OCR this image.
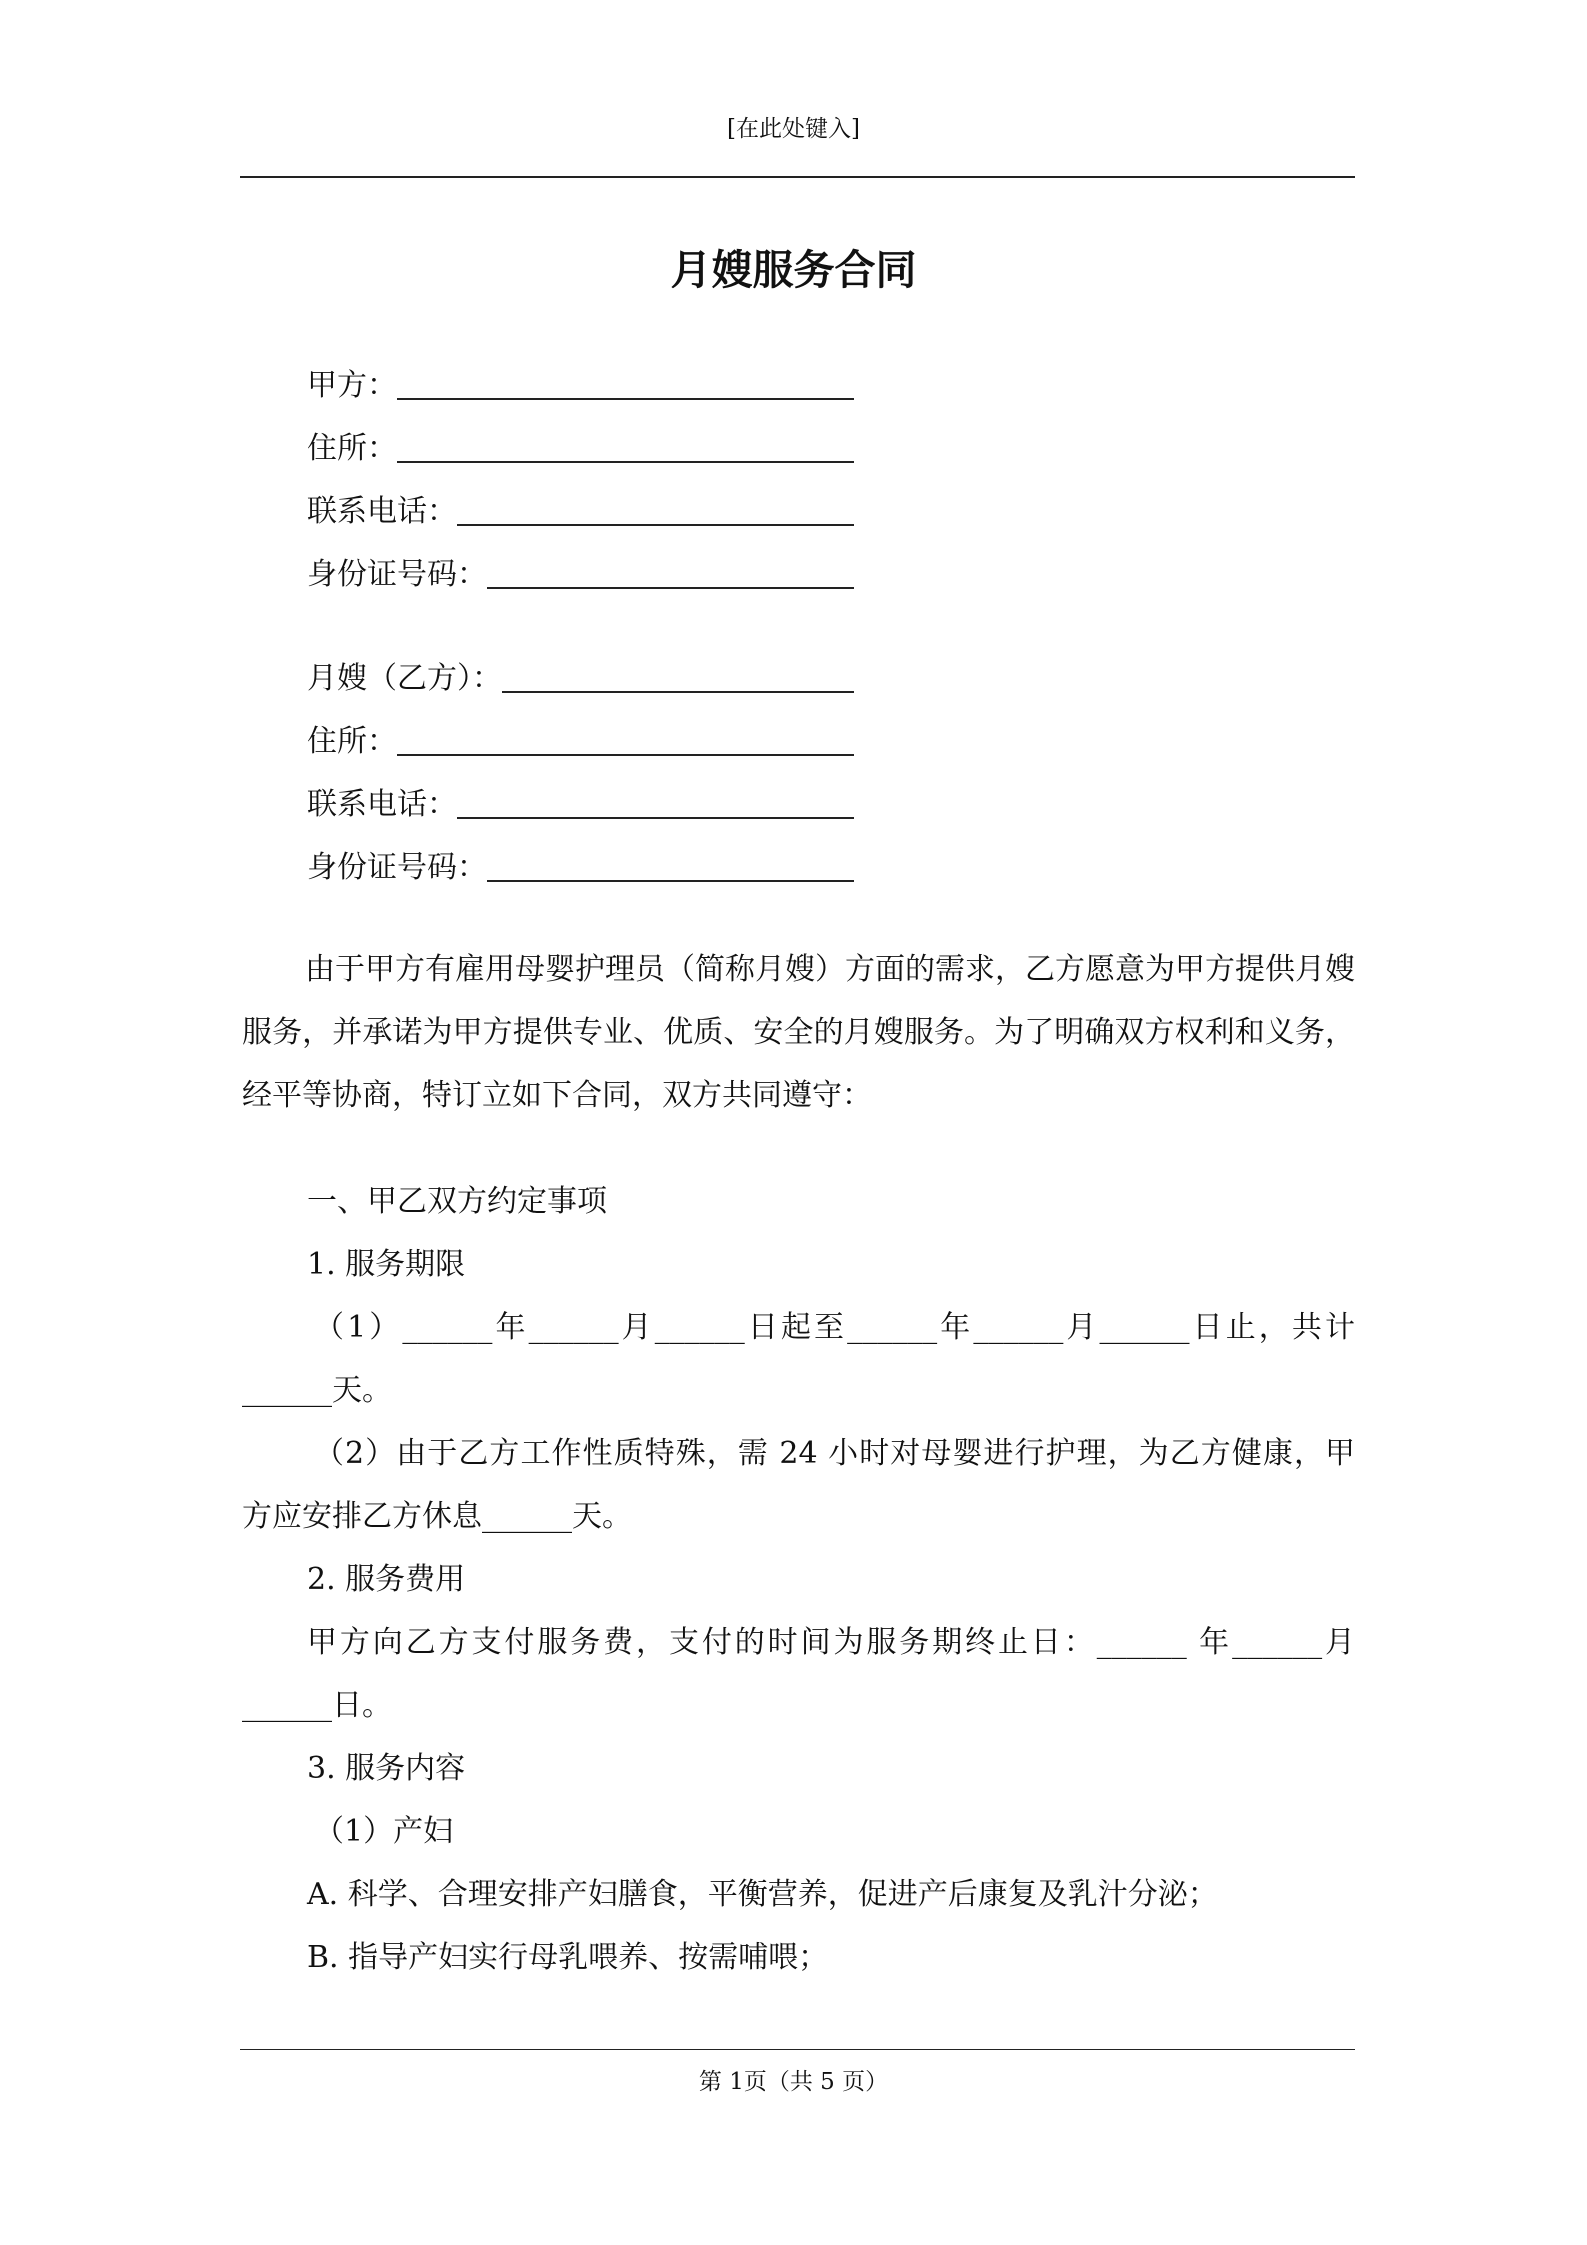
[在此处键入]
月嫂服务合同
甲方：
住所：
联系电话：
身份证号码：
月嫂（乙方）：
住所：
联系电话：
身份证号码：

由于甲方有雇用母婴护理员（简称月嫂）方面的需求，乙方愿意为甲方提供月嫂服务，并承诺为甲方提供专业、优质、安全的月嫂服务。为了明确双方权利和义务，经平等协商，特订立如下合同，双方共同遵守：

一、甲乙双方约定事项
1. 服务期限
（1）______年______月______日起至______年______月______日止，共计
______天。
（2）由于乙方工作性质特殊，需 24 小时对母婴进行护理，为乙方健康，甲
方应安排乙方休息______天。
2. 服务费用
甲方向乙方支付服务费，支付的时间为服务期终止日：______ 年______月
______日。
3. 服务内容
（1）产妇
A. 科学、合理安排产妇膳食，平衡营养，促进产后康复及乳汁分泌；
B. 指导产妇实行母乳喂养、按需哺喂；
第 1页（共 5 页）
